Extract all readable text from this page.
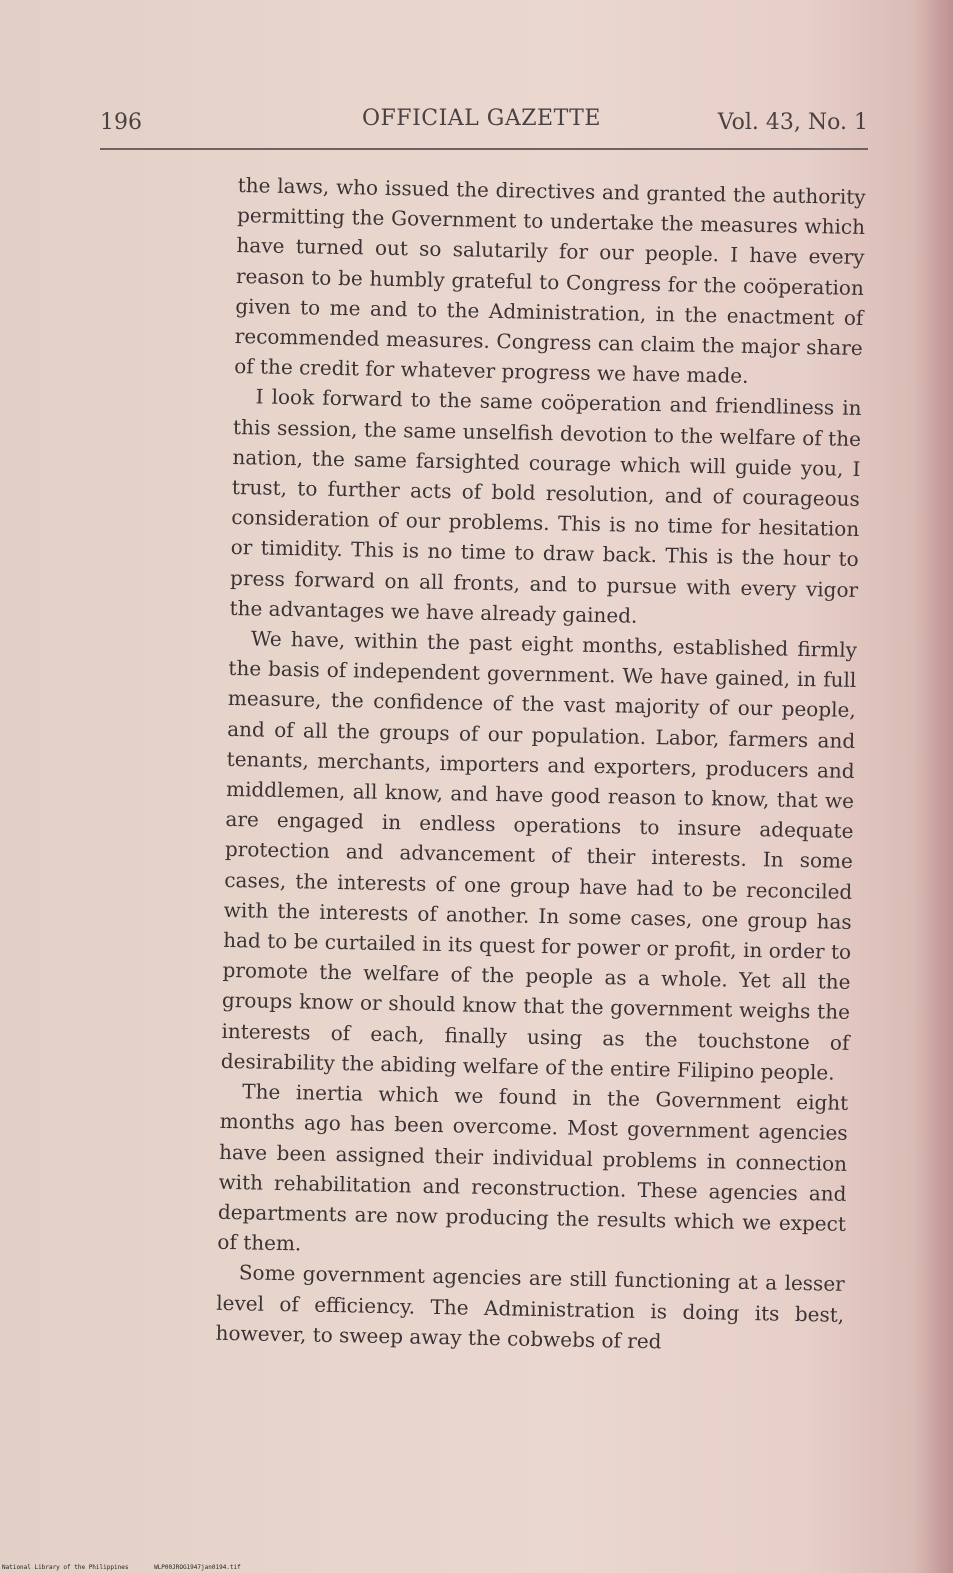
196	OFFICIAL GAZETTE	Vol. 43, No. 1

the laws, who issued the directives and granted the authority permitting the Government to undertake the measures which have turned out so salutarily for our people. I have every reason to be humbly grateful to Congress for the coöperation given to me and to the Administration, in the enactment of recommended measures. Congress can claim the major share of the credit for whatever progress we have made.

I look forward to the same coöperation and friendliness in this session, the same unselfish devotion to the welfare of the nation, the same farsighted courage which will guide you, I trust, to further acts of bold resolution, and of courageous consideration of our problems. This is no time for hesitation or timidity. This is no time to draw back. This is the hour to press forward on all fronts, and to pursue with every vigor the advantages we have already gained.

We have, within the past eight months, established firmly the basis of independent government. We have gained, in full measure, the confidence of the vast majority of our people, and of all the groups of our population. Labor, farmers and tenants, merchants, importers and exporters, producers and middlemen, all know, and have good reason to know, that we are engaged in endless operations to insure adequate protection and advancement of their interests. In some cases, the interests of one group have had to be reconciled with the interests of another. In some cases, one group has had to be curtailed in its quest for power or profit, in order to promote the welfare of the people as a whole. Yet all the groups know or should know that the government weighs the interests of each, finally using as the touchstone of desirability the abiding welfare of the entire Filipino people.

The inertia which we found in the Government eight months ago has been overcome. Most government agencies have been assigned their individual problems in connection with rehabilitation and reconstruction. These agencies and departments are now producing the results which we expect of them.

Some government agencies are still functioning at a lesser level of efficiency. The Administration is doing its best, however, to sweep away the cobwebs of red

National Library of the Philippines	WLP00JROG1947jan0194.tif
